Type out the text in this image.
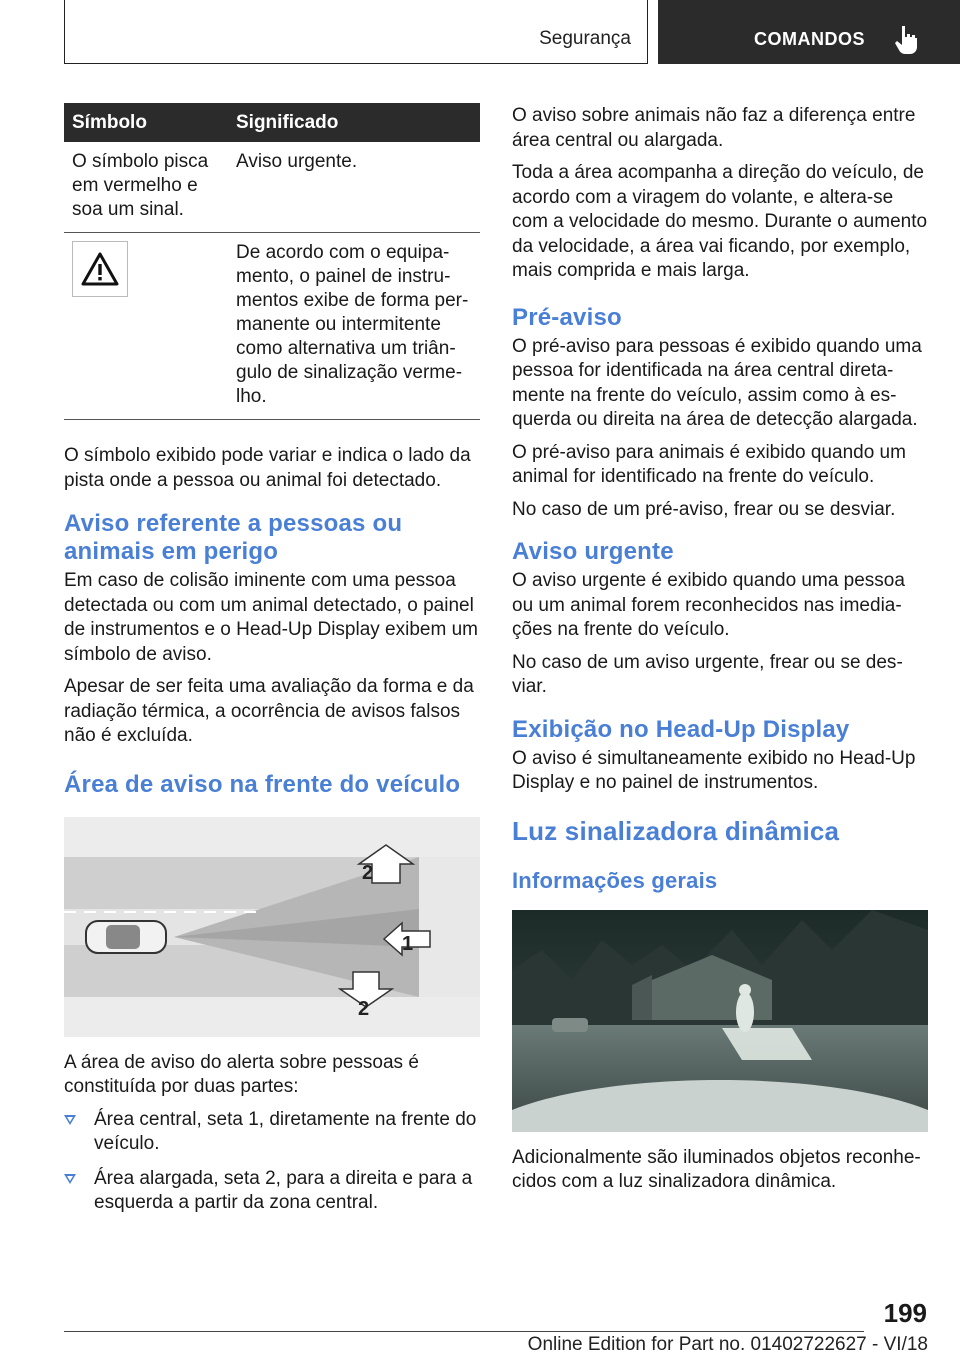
Segurança	COMANDOS
Símbolo	Significado
O símbolo pisca em vermelho e soa um sinal.	Aviso urgente.

	De acordo com o equipamento, o painel de instrumentos exibe de forma permanente ou intermitente como alternativa um triângulo de sinalização vermelho.

O símbolo exibido pode variar e indica o lado da pista onde a pessoa ou animal foi detectado.

Aviso referente a pessoas ou animais em perigo

Em caso de colisão iminente com uma pessoa detectada ou com um animal detectado, o painel de instrumentos e o Head-Up Display exibem um símbolo de aviso.

Apesar de ser feita uma avaliação da forma e da radiação térmica, a ocorrência de avisos falsos não é excluída.

Área de aviso na frente do veículo
2
1
2

A área de aviso do alerta sobre pessoas é constituída por duas partes:

Área central, seta 1, diretamente na frente do veículo.
Área alargada, seta 2, para a direita e para a esquerda a partir da zona central.

O aviso sobre animais não faz a diferença entre área central ou alargada.

Toda a área acompanha a direção do veículo, de acordo com a viragem do volante, e altera-se com a velocidade do mesmo. Durante o aumento da velocidade, a área vai ficando, por exemplo, mais comprida e mais larga.

Pré-aviso

O pré-aviso para pessoas é exibido quando uma pessoa for identificada na área central diretamente na frente do veículo, assim como à esquerda ou direita na área de detecção alargada.

O pré-aviso para animais é exibido quando um animal for identificado na frente do veículo.

No caso de um pré-aviso, frear ou se desviar.

Aviso urgente

O aviso urgente é exibido quando uma pessoa ou um animal forem reconhecidos nas imediações na frente do veículo.

No caso de um aviso urgente, frear ou se desviar.

Exibição no Head-Up Display

O aviso é simultaneamente exibido no Head-Up Display e no painel de instrumentos.

Luz sinalizadora dinâmica
Informações gerais

Adicionalmente são iluminados objetos reconhecidos com a luz sinalizadora dinâmica.

199
Online Edition for Part no. 01402722627 - VI/18
